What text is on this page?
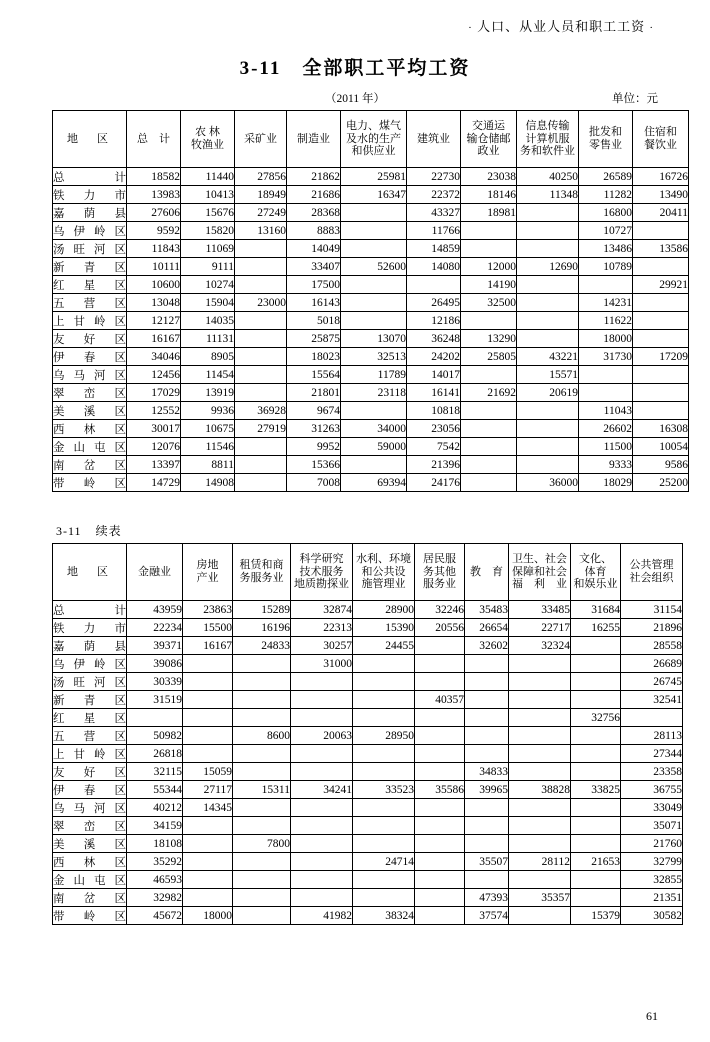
· 人口、从业人员和职工工资 ·
3-11　全部职工平均工资
（2011 年）	单位：元
地　区	总　计	农 林
牧渔业	采矿业	制造业	电力、煤气
及水的生产
和供应业	建筑业	交通运
输仓储邮
政业	信息传输
计算机服
务和软件业	批发和
零售业	住宿和
餐饮业
总　　计	18582	11440	27856	21862	25981	22730	23038	40250	26589	16726
铁 力 市	13983	10413	18949	21686	16347	22372	18146	11348	11282	13490
嘉 荫 县	27606	15676	27249	28368		43327	18981		16800	20411
乌伊岭区	9592	15820	13160	8883		11766			10727	
汤旺河区	11843	11069		14049		14859			13486	13586
新 青 区	10111	9111		33407	52600	14080	12000	12690	10789	
红 星 区	10600	10274		17500			14190			29921
五 营 区	13048	15904	23000	16143		26495	32500		14231	
上甘岭区	12127	14035		5018		12186			11622	
友 好 区	16167	11131		25875	13070	36248	13290		18000	
伊 春 区	34046	8905		18023	32513	24202	25805	43221	31730	17209
乌马河区	12456	11454		15564	11789	14017		15571		
翠 峦 区	17029	13919		21801	23118	16141	21692	20619		
美 溪 区	12552	9936	36928	9674		10818			11043	
西 林 区	30017	10675	27919	31263	34000	23056			26602	16308
金山屯区	12076	11546		9952	59000	7542			11500	10054
南 岔 区	13397	8811		15366		21396			9333	9586
带 岭 区	14729	14908		7008	69394	24176		36000	18029	25200
3-11 续表
地　区	金融业	房地
产业	租赁和商
务服务业	科学研究
技术服务
地质勘探业	水利、环境
和公共设
施管理业	居民服
务其他
服务业	教　育	卫生、社会
保障和社会
福　利　业	文化、
体育
和娱乐业	公共管理
社会组织
总　　计	43959	23863	15289	32874	28900	32246	35483	33485	31684	31154
铁 力 市	22234	15500	16196	22313	15390	20556	26654	22717	16255	21896
嘉 荫 县	39371	16167	24833	30257	24455		32602	32324		28558
乌伊岭区	39086			31000						26689
汤旺河区	30339									26745
新 青 区	31519					40357				32541
红 星 区									32756	
五 营 区	50982		8600	20063	28950					28113
上甘岭区	26818									27344
友 好 区	32115	15059					34833			23358
伊 春 区	55344	27117	15311	34241	33523	35586	39965	38828	33825	36755
乌马河区	40212	14345								33049
翠 峦 区	34159									35071
美 溪 区	18108		7800							21760
西 林 区	35292				24714		35507	28112	21653	32799
金山屯区	46593									32855
南 岔 区	32982						47393	35357		21351
带 岭 区	45672	18000		41982	38324		37574		15379	30582
61
